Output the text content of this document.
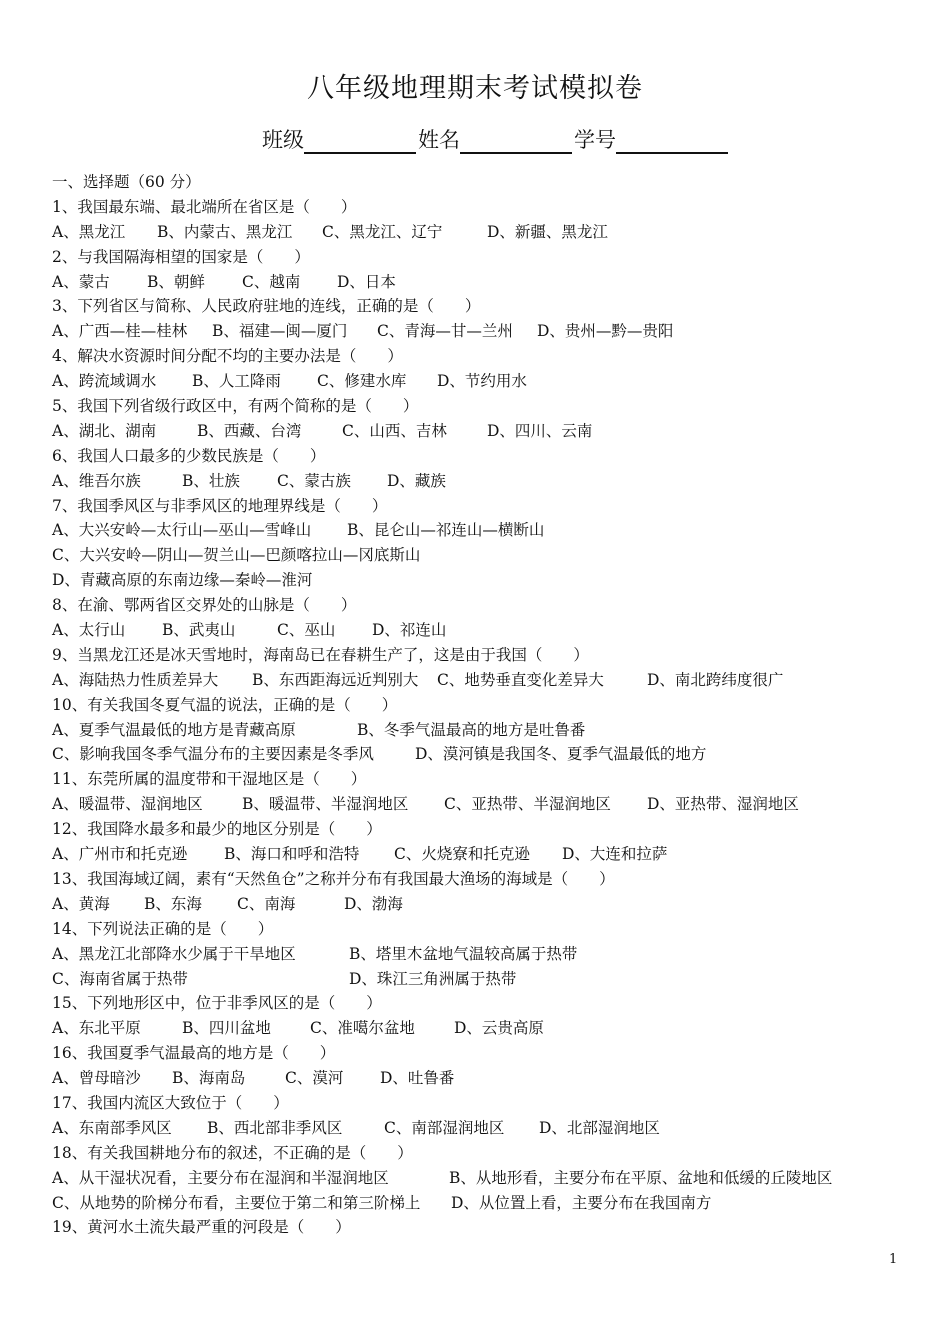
八年级地理期末考试模拟卷
班级	姓名	学号
一、选择题（60 分）
1、我国最东端、最北端所在省区是（　　）
A、黑龙江 B、内蒙古、黑龙江 C、黑龙江、辽宁	D、新疆、黑龙江
2、与我国隔海相望的国家是（　　）
A、蒙古 B、朝鲜 C、越南 D、日本
3、下列省区与简称、人民政府驻地的连线，正确的是（　　）
A、广西—桂—桂林 B、福建—闽—厦门 C、青海—甘—兰州 D、贵州—黔—贵阳
4、解决水资源时间分配不均的主要办法是（　　）
A、跨流域调水 B、人工降雨 C、修建水库 D、节约用水
5、我国下列省级行政区中，有两个简称的是（　　）
A、湖北、湖南	B、西藏、台湾	C、山西、吉林	D、四川、云南
6、我国人口最多的少数民族是（　　）
A、维吾尔族	B、壮族 C、蒙古族 D、藏族
7、我国季风区与非季风区的地理界线是（　　）
A、大兴安岭—太行山—巫山—雪峰山 B、昆仑山—祁连山—横断山
C、大兴安岭—阴山—贺兰山—巴颜喀拉山—冈底斯山
D、青藏高原的东南边缘—秦岭—淮河
8、在渝、鄂两省区交界处的山脉是（　　）
A、太行山 B、武夷山	C、巫山 D、祁连山
9、当黑龙江还是冰天雪地时，海南岛已在春耕生产了，这是由于我国（　　）
A、海陆热力性质差异大 B、东西距海远近判别大 C、地势垂直变化差异大	D、南北跨纬度很广
10、有关我国冬夏气温的说法，正确的是（　　）
A、夏季气温最低的地方是青藏高原	B、冬季气温最高的地方是吐鲁番
C、影响我国冬季气温分布的主要因素是冬季风	D、漠河镇是我国冬、夏季气温最低的地方
11、东莞所属的温度带和干湿地区是（　　）
A、暖温带、湿润地区	B、暖温带、半湿润地区 C、亚热带、半湿润地区 D、亚热带、湿润地区
12、我国降水最多和最少的地区分别是（　　）
A、广州市和托克逊 B、海口和呼和浩特 C、火烧寮和托克逊 D、大连和拉萨
13、我国海域辽阔，素有“天然鱼仓”之称并分布有我国最大渔场的海域是（　　）
A、黄海 B、东海 C、南海	D、渤海
14、下列说法正确的是（　　）
A、黑龙江北部降水少属于干旱地区	B、塔里木盆地气温较高属于热带
C、海南省属于热带	D、珠江三角洲属于热带
15、下列地形区中，位于非季风区的是（　　）
A、东北平原	B、四川盆地	C、准噶尔盆地	D、云贵高原
16、我国夏季气温最高的地方是（　　）
A、曾母暗沙 B、海南岛	C、漠河 D、吐鲁番
17、我国内流区大致位于（　　）
A、东南部季风区 B、西北部非季风区	C、南部湿润地区 D、北部湿润地区
18、有关我国耕地分布的叙述，不正确的是（　　）
A、从干湿状况看，主要分布在湿润和半湿润地区	B、从地形看，主要分布在平原、盆地和低缓的丘陵地区
C、从地势的阶梯分布看，主要位于第二和第三阶梯上 D、从位置上看，主要分布在我国南方
19、黄河水土流失最严重的河段是（　　）
1
